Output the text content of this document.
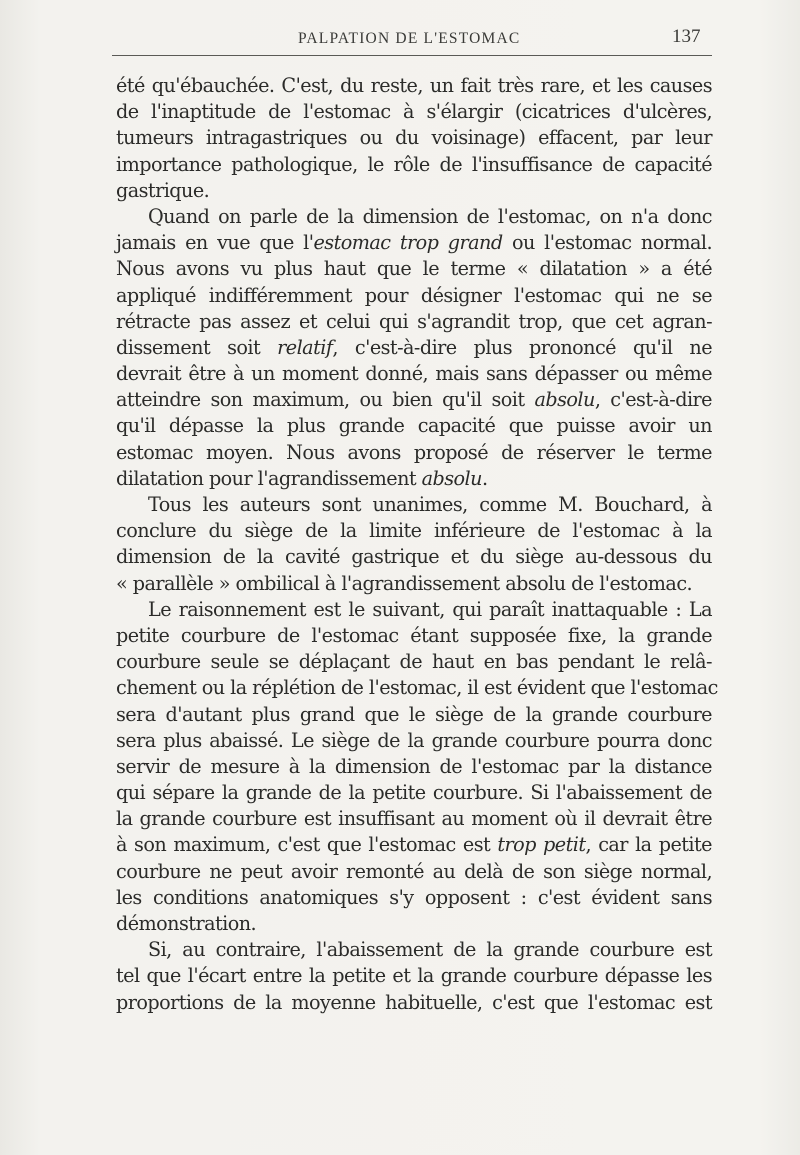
PALPATION DE L'ESTOMAC	137
été qu'ébauchée. C'est, du reste, un fait très rare, et les causes
de l'inaptitude de l'estomac à s'élargir (cicatrices d'ulcères,
tumeurs intragastriques ou du voisinage) effacent, par leur
importance pathologique, le rôle de l'insuffisance de capacité
gastrique.
Quand on parle de la dimension de l'estomac, on n'a donc
jamais en vue que l'estomac trop grand ou l'estomac normal.
Nous avons vu plus haut que le terme « dilatation » a été
appliqué indifféremment pour désigner l'estomac qui ne se
rétracte pas assez et celui qui s'agrandit trop, que cet agran-
dissement soit relatif, c'est-à-dire plus prononcé qu'il ne
devrait être à un moment donné, mais sans dépasser ou même
atteindre son maximum, ou bien qu'il soit absolu, c'est-à-dire
qu'il dépasse la plus grande capacité que puisse avoir un
estomac moyen. Nous avons proposé de réserver le terme
dilatation pour l'agrandissement absolu.
Tous les auteurs sont unanimes, comme M. Bouchard, à
conclure du siège de la limite inférieure de l'estomac à la
dimension de la cavité gastrique et du siège au-dessous du
« parallèle » ombilical à l'agrandissement absolu de l'estomac.
Le raisonnement est le suivant, qui paraît inattaquable : La
petite courbure de l'estomac étant supposée fixe, la grande
courbure seule se déplaçant de haut en bas pendant le relâ-
chement ou la réplétion de l'estomac, il est évident que l'estomac
sera d'autant plus grand que le siège de la grande courbure
sera plus abaissé. Le siège de la grande courbure pourra donc
servir de mesure à la dimension de l'estomac par la distance
qui sépare la grande de la petite courbure. Si l'abaissement de
la grande courbure est insuffisant au moment où il devrait être
à son maximum, c'est que l'estomac est trop petit, car la petite
courbure ne peut avoir remonté au delà de son siège normal,
les conditions anatomiques s'y opposent : c'est évident sans
démonstration.
Si, au contraire, l'abaissement de la grande courbure est
tel que l'écart entre la petite et la grande courbure dépasse les
proportions de la moyenne habituelle, c'est que l'estomac est
